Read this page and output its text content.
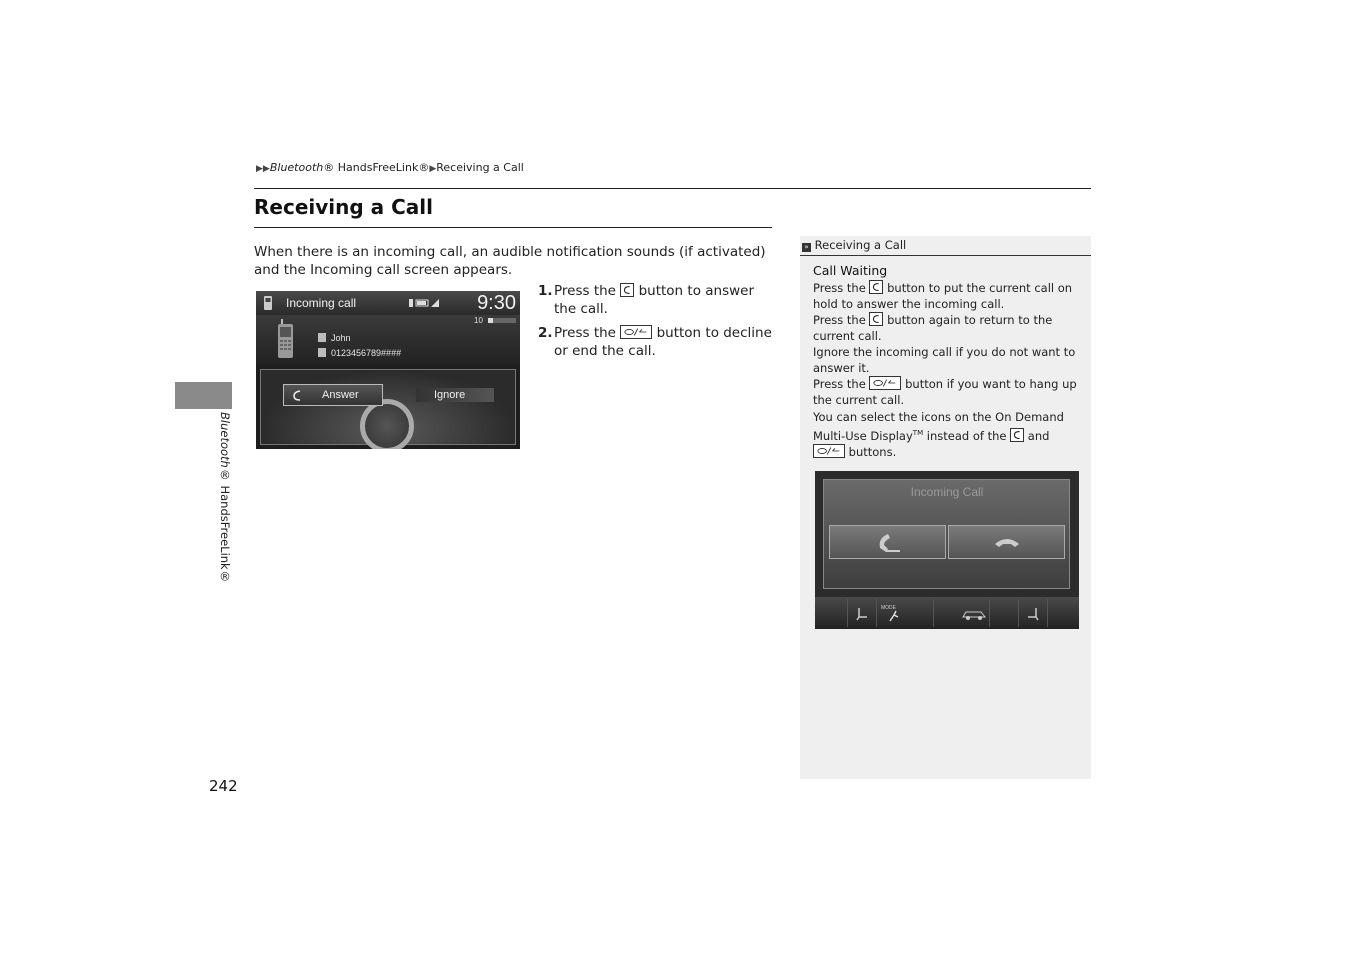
▶▶Bluetooth® HandsFreeLink®▶Receiving a Call
Receiving a Call
When there is an incoming call, an audible notification sounds (if activated) and the Incoming call screen appears.
Incoming call	9:30
10
John
0123456789####
Ignore
Answer
1. Press the button to answer the call.
2. Press the	button to decline or end the call.
» Receiving a Call

Call Waiting

Press the button to put the current call on hold to answer the incoming call.

Press the button again to return to the current call.

Ignore the incoming call if you do not want to answer it.

Press the	button if you want to hang up the current call.

You can select the icons on the On Demand Multi-Use Display™ instead of the and
buttons.

Incoming Call
MODE
Bluetooth® HandsFreeLink®
242
